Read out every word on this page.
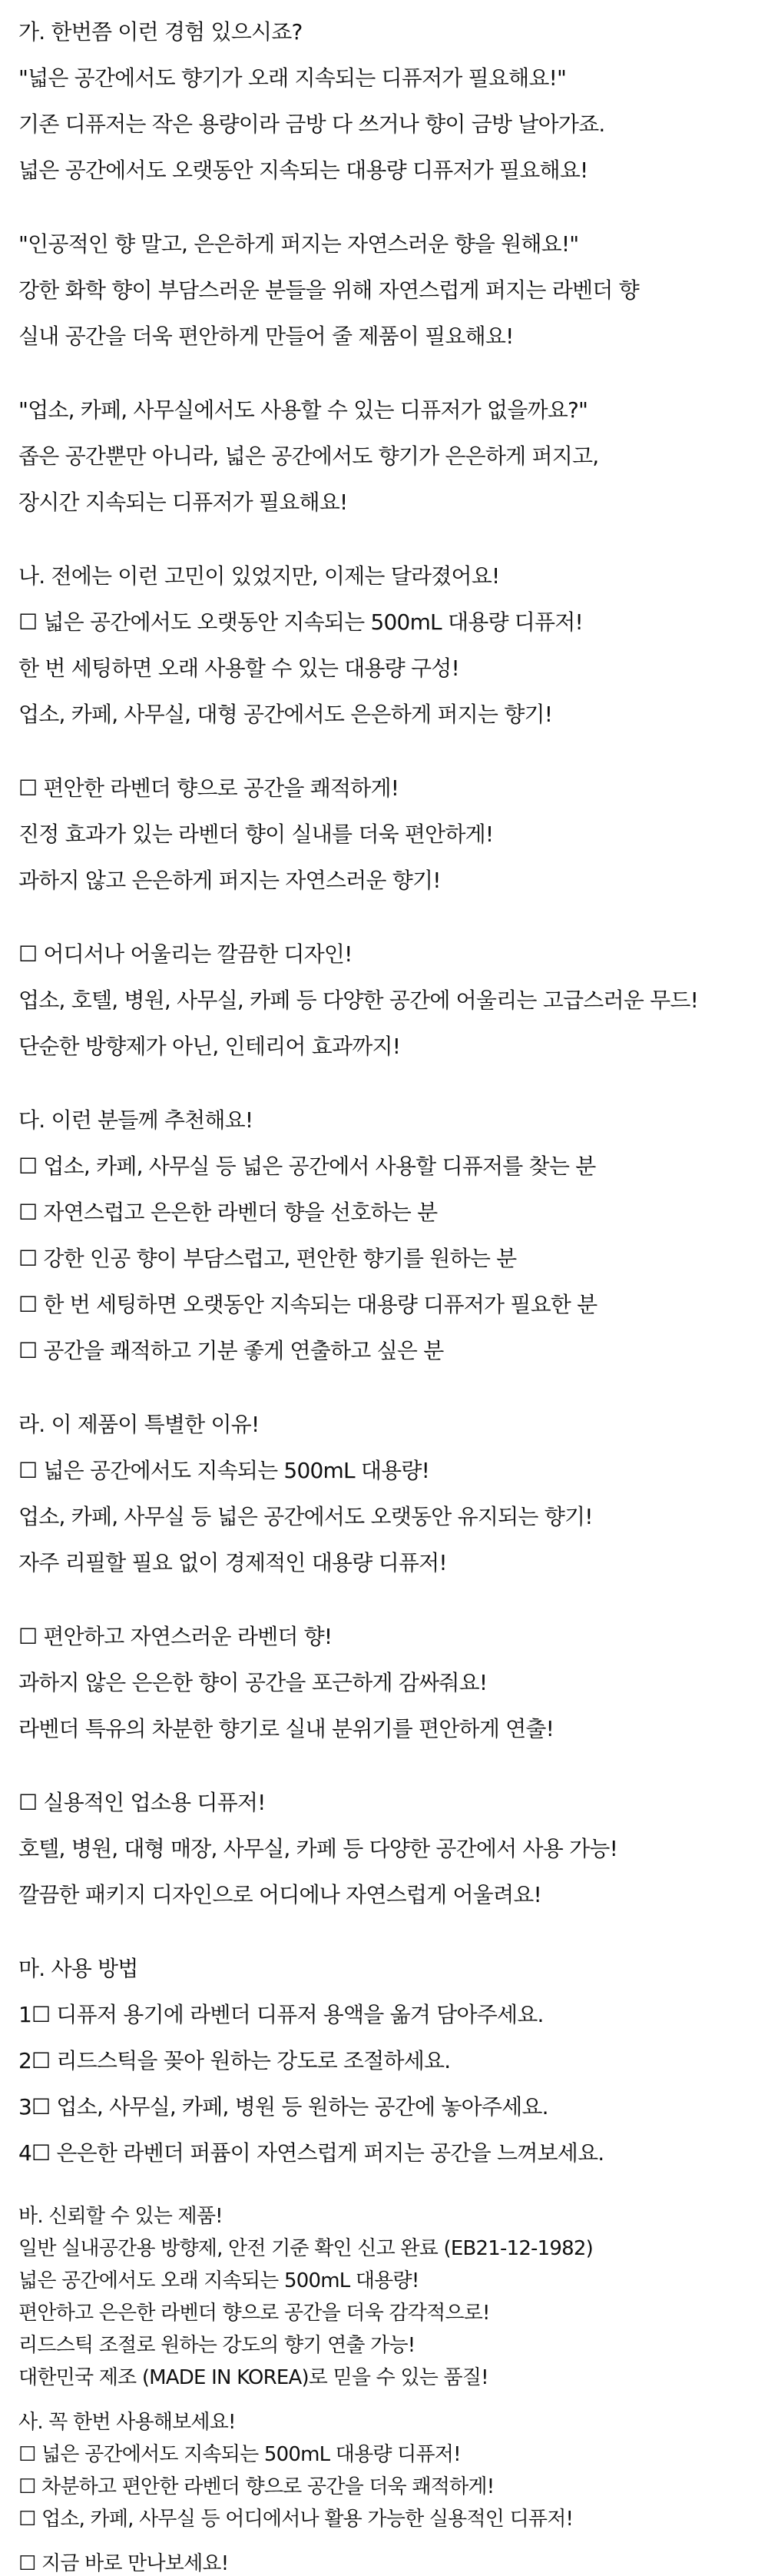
가. 한번쯤 이런 경험 있으시죠?
"넓은 공간에서도 향기가 오래 지속되는 디퓨저가 필요해요!"
기존 디퓨저는 작은 용량이라 금방 다 쓰거나 향이 금방 날아가죠.
넓은 공간에서도 오랫동안 지속되는 대용량 디퓨저가 필요해요!
"인공적인 향 말고, 은은하게 퍼지는 자연스러운 향을 원해요!"
강한 화학 향이 부담스러운 분들을 위해 자연스럽게 퍼지는 라벤더 향
실내 공간을 더욱 편안하게 만들어 줄 제품이 필요해요!
"업소, 카페, 사무실에서도 사용할 수 있는 디퓨저가 없을까요?"
좁은 공간뿐만 아니라, 넓은 공간에서도 향기가 은은하게 퍼지고,
장시간 지속되는 디퓨저가 필요해요!
나. 전에는 이런 고민이 있었지만, 이제는 달라졌어요!
☐ 넓은 공간에서도 오랫동안 지속되는 500mL 대용량 디퓨저!
한 번 세팅하면 오래 사용할 수 있는 대용량 구성!
업소, 카페, 사무실, 대형 공간에서도 은은하게 퍼지는 향기!
☐ 편안한 라벤더 향으로 공간을 쾌적하게!
진정 효과가 있는 라벤더 향이 실내를 더욱 편안하게!
과하지 않고 은은하게 퍼지는 자연스러운 향기!
☐ 어디서나 어울리는 깔끔한 디자인!
업소, 호텔, 병원, 사무실, 카페 등 다양한 공간에 어울리는 고급스러운 무드!
단순한 방향제가 아닌, 인테리어 효과까지!
다. 이런 분들께 추천해요!
☐ 업소, 카페, 사무실 등 넓은 공간에서 사용할 디퓨저를 찾는 분
☐ 자연스럽고 은은한 라벤더 향을 선호하는 분
☐ 강한 인공 향이 부담스럽고, 편안한 향기를 원하는 분
☐ 한 번 세팅하면 오랫동안 지속되는 대용량 디퓨저가 필요한 분
☐ 공간을 쾌적하고 기분 좋게 연출하고 싶은 분
라. 이 제품이 특별한 이유!
☐ 넓은 공간에서도 지속되는 500mL 대용량!
업소, 카페, 사무실 등 넓은 공간에서도 오랫동안 유지되는 향기!
자주 리필할 필요 없이 경제적인 대용량 디퓨저!
☐ 편안하고 자연스러운 라벤더 향!
과하지 않은 은은한 향이 공간을 포근하게 감싸줘요!
라벤더 특유의 차분한 향기로 실내 분위기를 편안하게 연출!
☐ 실용적인 업소용 디퓨저!
호텔, 병원, 대형 매장, 사무실, 카페 등 다양한 공간에서 사용 가능!
깔끔한 패키지 디자인으로 어디에나 자연스럽게 어울려요!
마. 사용 방법
1☐ 디퓨저 용기에 라벤더 디퓨저 용액을 옮겨 담아주세요.
2☐ 리드스틱을 꽂아 원하는 강도로 조절하세요.
3☐ 업소, 사무실, 카페, 병원 등 원하는 공간에 놓아주세요.
4☐ 은은한 라벤더 퍼퓸이 자연스럽게 퍼지는 공간을 느껴보세요.
바. 신뢰할 수 있는 제품!
일반 실내공간용 방향제, 안전 기준 확인 신고 완료 (EB21-12-1982)
넓은 공간에서도 오래 지속되는 500mL 대용량!
편안하고 은은한 라벤더 향으로 공간을 더욱 감각적으로!
리드스틱 조절로 원하는 강도의 향기 연출 가능!
대한민국 제조 (MADE IN KOREA)로 믿을 수 있는 품질!
사. 꼭 한번 사용해보세요!
☐ 넓은 공간에서도 지속되는 500mL 대용량 디퓨저!
☐ 차분하고 편안한 라벤더 향으로 공간을 더욱 쾌적하게!
☐ 업소, 카페, 사무실 등 어디에서나 활용 가능한 실용적인 디퓨저!
☐ 지금 바로 만나보세요!
